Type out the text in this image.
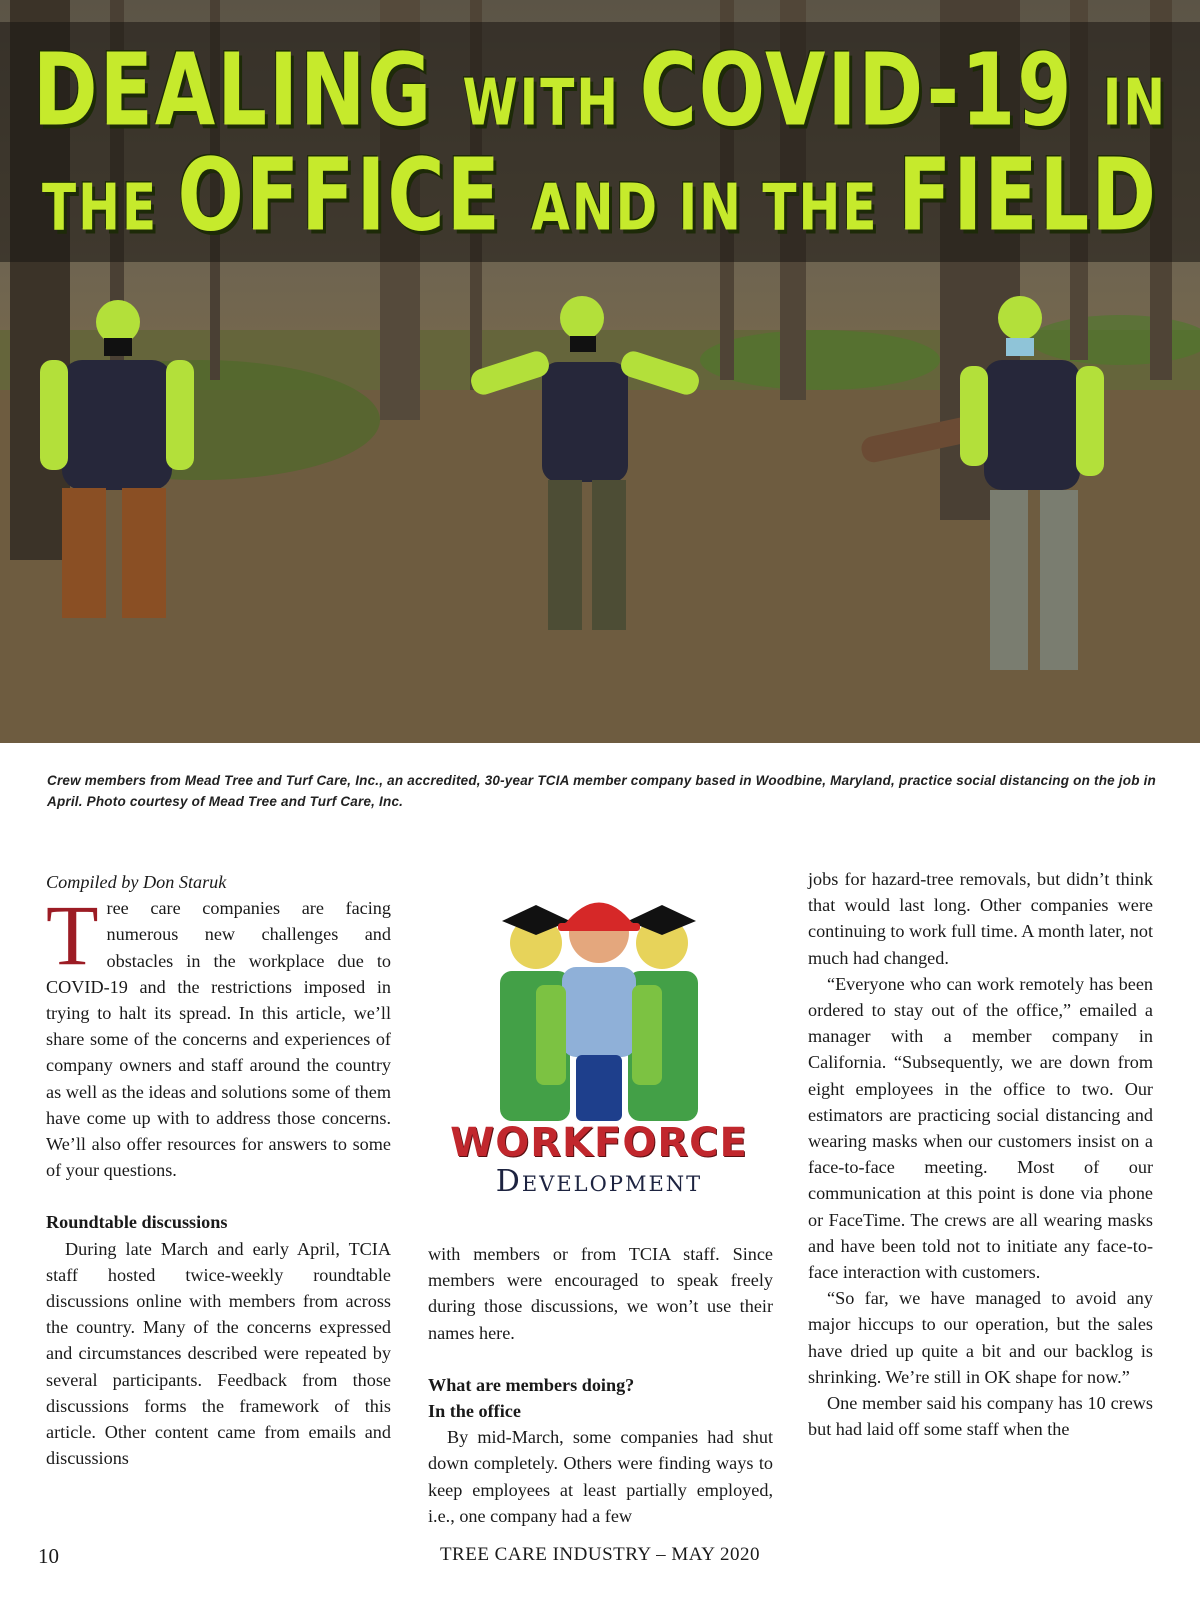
DEALING WITH COVID-19 IN
THE OFFICE AND IN THE FIELD
Crew members from Mead Tree and Turf Care, Inc., an accredited, 30-year TCIA member company based in Woodbine, Maryland, practice social distancing on the job in April. Photo courtesy of Mead Tree and Turf Care, Inc.

Compiled by Don Staruk

Tree care companies are facing numerous new challenges and obstacles in the workplace due to COVID-19 and the restrictions imposed in trying to halt its spread. In this article, we’ll share some of the concerns and experiences of company owners and staff around the country as well as the ideas and solutions some of them have come up with to address those concerns. We’ll also offer resources for answers to some of your questions.

Roundtable discussions

During late March and early April, TCIA staff hosted twice-weekly roundtable discussions online with members from across the country. Many of the concerns expressed and circumstances described were repeated by several participants. Feedback from those discussions forms the framework of this article. Other content came from emails and discussions

WORKFORCE
Development

with members or from TCIA staff. Since members were encouraged to speak freely during those discussions, we won’t use their names here.

What are members doing?

In the office

By mid-March, some companies had shut down completely. Others were finding ways to keep employees at least partially employed, i.e., one company had a few

jobs for hazard-tree removals, but didn’t think that would last long. Other companies were continuing to work full time. A month later, not much had changed.

“Everyone who can work remotely has been ordered to stay out of the office,” emailed a manager with a member company in California. “Subsequently, we are down from eight employees in the office to two. Our estimators are practicing social distancing and wearing masks when our customers insist on a face-to-face meeting. Most of our communication at this point is done via phone or FaceTime. The crews are all wearing masks and have been told not to initiate any face-to-face interaction with customers.

“So far, we have managed to avoid any major hiccups to our operation, but the sales have dried up quite a bit and our backlog is shrinking. We’re still in OK shape for now.”

One member said his company has 10 crews but had laid off some staff when the

10	TREE CARE INDUSTRY – MAY 2020
